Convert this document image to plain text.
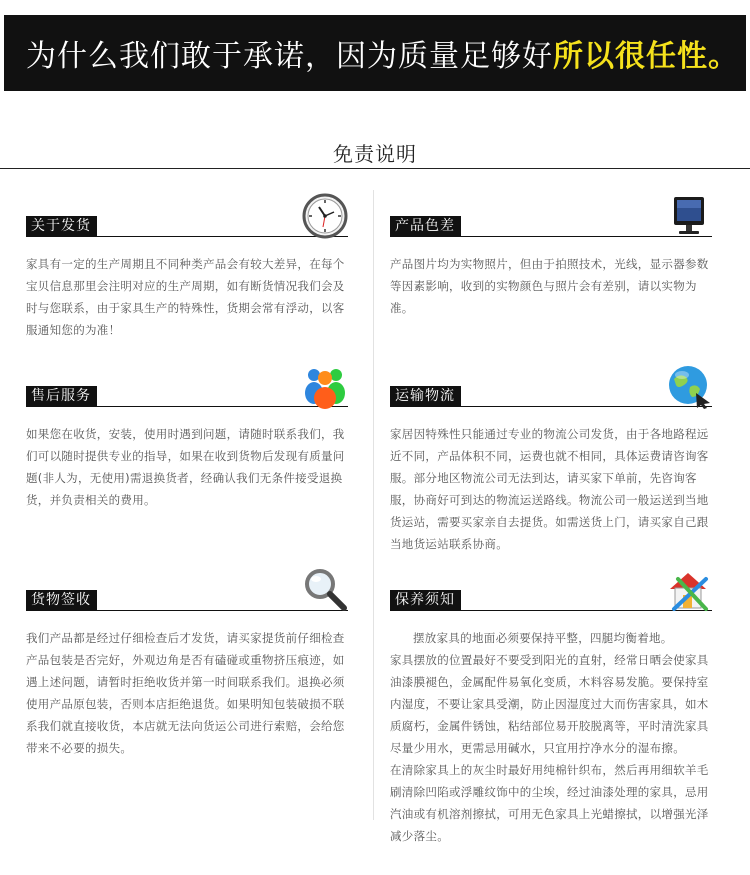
为什么我们敢于承诺，因为质量足够好 所以很任性。
免责说明
关于发货

家具有一定的生产周期且不同种类产品会有较大差异，在每个宝贝信息那里会注明对应的生产周期，如有断货情况我们会及时与您联系，由于家具生产的特殊性，货期会常有浮动，以客服通知您的为准！

产品色差

产品图片均为实物照片，但由于拍照技术，光线，显示器参数等因素影响，收到的实物颜色与照片会有差别，请以实物为准。

售后服务

如果您在收货，安装，使用时遇到问题，请随时联系我们，我们可以随时提供专业的指导，如果在收到货物后发现有质量问题(非人为，无使用)需退换货者，经确认我们无条件接受退换货，并负责相关的费用。

运输物流

家居因特殊性只能通过专业的物流公司发货，由于各地路程远近不同，产品体积不同，运费也就不相同，具体运费请咨询客服。部分地区物流公司无法到达，请买家下单前，先咨询客服，协商好可到达的物流运送路线。物流公司一般运送到当地货运站，需要买家亲自去提货。如需送货上门，请买家自己跟当地货运站联系协商。

货物签收

我们产品都是经过仔细检查后才发货，请买家提货前仔细检查产品包装是否完好，外观边角是否有磕碰或重物挤压痕迹，如遇上述问题，请暂时拒绝收货并第一时间联系我们。退换必须使用产品原包装，否则本店拒绝退货。如果明知包装破损不联系我们就直接收货，本店就无法向货运公司进行索赔，会给您带来不必要的损失。

保养须知

摆放家具的地面必须要保持平整，四腿均衡着地。

家具摆放的位置最好不要受到阳光的直射，经常日晒会使家具油漆膜褪色，金属配件易氧化变质，木料容易发脆。要保持室内湿度，不要让家具受潮，防止因湿度过大而伤害家具，如木质腐朽，金属件锈蚀，粘结部位易开胶脱离等，平时清洗家具尽量少用水，更需忌用碱水，只宜用拧净水分的湿布擦。

在清除家具上的灰尘时最好用纯棉针织布，然后再用细软羊毛刷清除凹陷或浮雕纹饰中的尘埃，经过油漆处理的家具，忌用汽油或有机溶剂擦拭，可用无色家具上光蜡擦拭，以增强光泽减少落尘。
